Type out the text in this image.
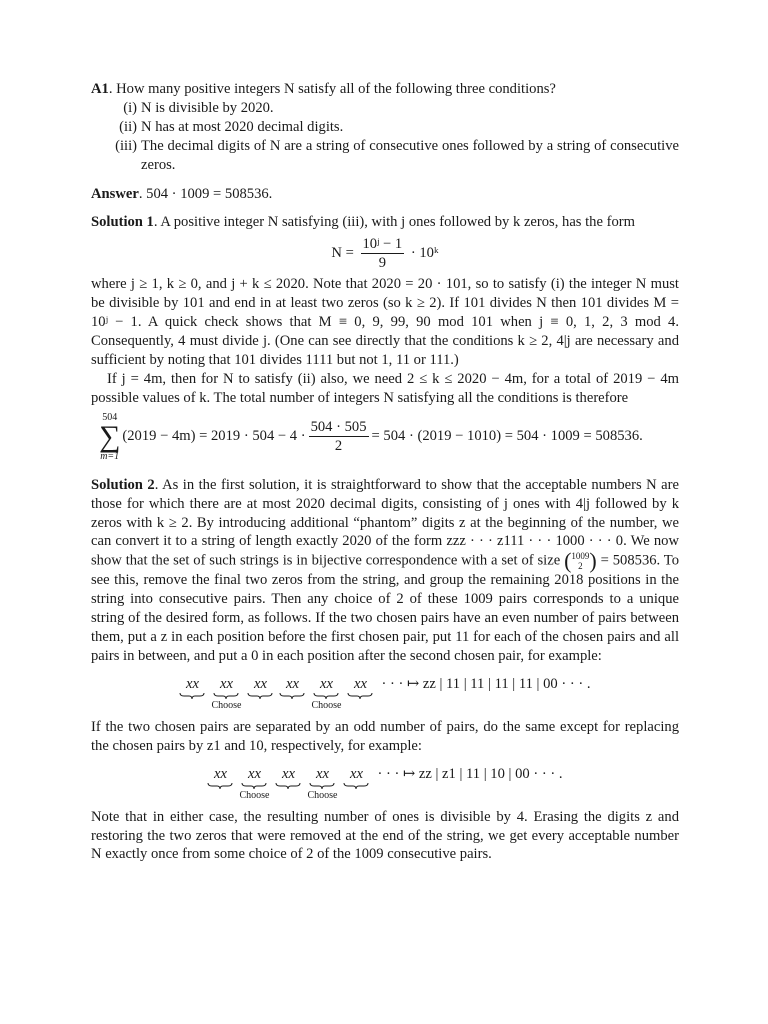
A1. How many positive integers N satisfy all of the following three conditions?

(i) N is divisible by 2020.
(ii) N has at most 2020 decimal digits.
(iii) The decimal digits of N are a string of consecutive ones followed by a string of consecutive zeros.

Answer. 504 · 1009 = 508536.

Solution 1. A positive integer N satisfying (iii), with j ones followed by k zeros, has the form

$N = \frac{\text{10ʲ − 1}}{9}$ · 10ᵏ

where j ≥ 1, k ≥ 0, and j + k ≤ 2020. Note that 2020 = 20 · 101, so to satisfy (i) the integer N must be divisible by 101 and end in at least two zeros (so k ≥ 2). If 101 divides N then 101 divides M = 10ʲ − 1. A quick check shows that M ≡ 0, 9, 99, 90 mod 101 when j ≡ 0, 1, 2, 3 mod 4. Consequently, 4 must divide j. (One can see directly that the conditions k ≥ 2, 4|j are necessary and sufficient by noting that 101 divides 1111 but not 1, 11 or 111.)

If j = 4m, then for N to satisfy (ii) also, we need 2 ≤ k ≤ 2020 − 4m, for a total of 2019 − 4m possible values of k. The total number of integers N satisfying all the conditions is therefore

504
∑
m=1
$(2019 - 4m) = 2019 \cdot 504 - 4 \cdot \frac{504 \cdot 505}{2} = 504 \cdot (2019 - 1010) = 504 \cdot 1009 = 508536$.

Solution 2. As in the first solution, it is straightforward to show that the acceptable numbers N are those for which there are at most 2020 decimal digits, consisting of j ones with 4|j followed by k zeros with k ≥ 2. By introducing additional “phantom” digits z at the beginning of the number, we can convert it to a string of length exactly 2020 of the form zzz · · · z111 · · · 1000 · · · 0. We now show that the set of such strings is in bijective correspondence with a set of size ( 1009
2 ) = 508536. To see this, remove the final two zeros from the string, and group the remaining 2018 positions in the string into consecutive pairs. Then any choice of 2 of these 1009 pairs corresponds to a unique string of the desired form, as follows. If the two chosen pairs have an even number of pairs between them, put a z in each position before the first chosen pair, put 11 for each of the chosen pairs and all pairs in between, and put a 0 in each position after the second chosen pair, for example:

xx
xx
Choose
xx
xx
xx
Choose
xx
· · · ↦ zz | 11 | 11 | 11 | 11 | 00 · · · .

If the two chosen pairs are separated by an odd number of pairs, do the same except for replacing the chosen pairs by z1 and 10, respectively, for example:

xx
xx
Choose
xx
xx
Choose
xx
· · · ↦ zz | z1 | 11 | 10 | 00 · · · .

Note that in either case, the resulting number of ones is divisible by 4. Erasing the digits z and restoring the two zeros that were removed at the end of the string, we get every acceptable number N exactly once from some choice of 2 of the 1009 consecutive pairs.
